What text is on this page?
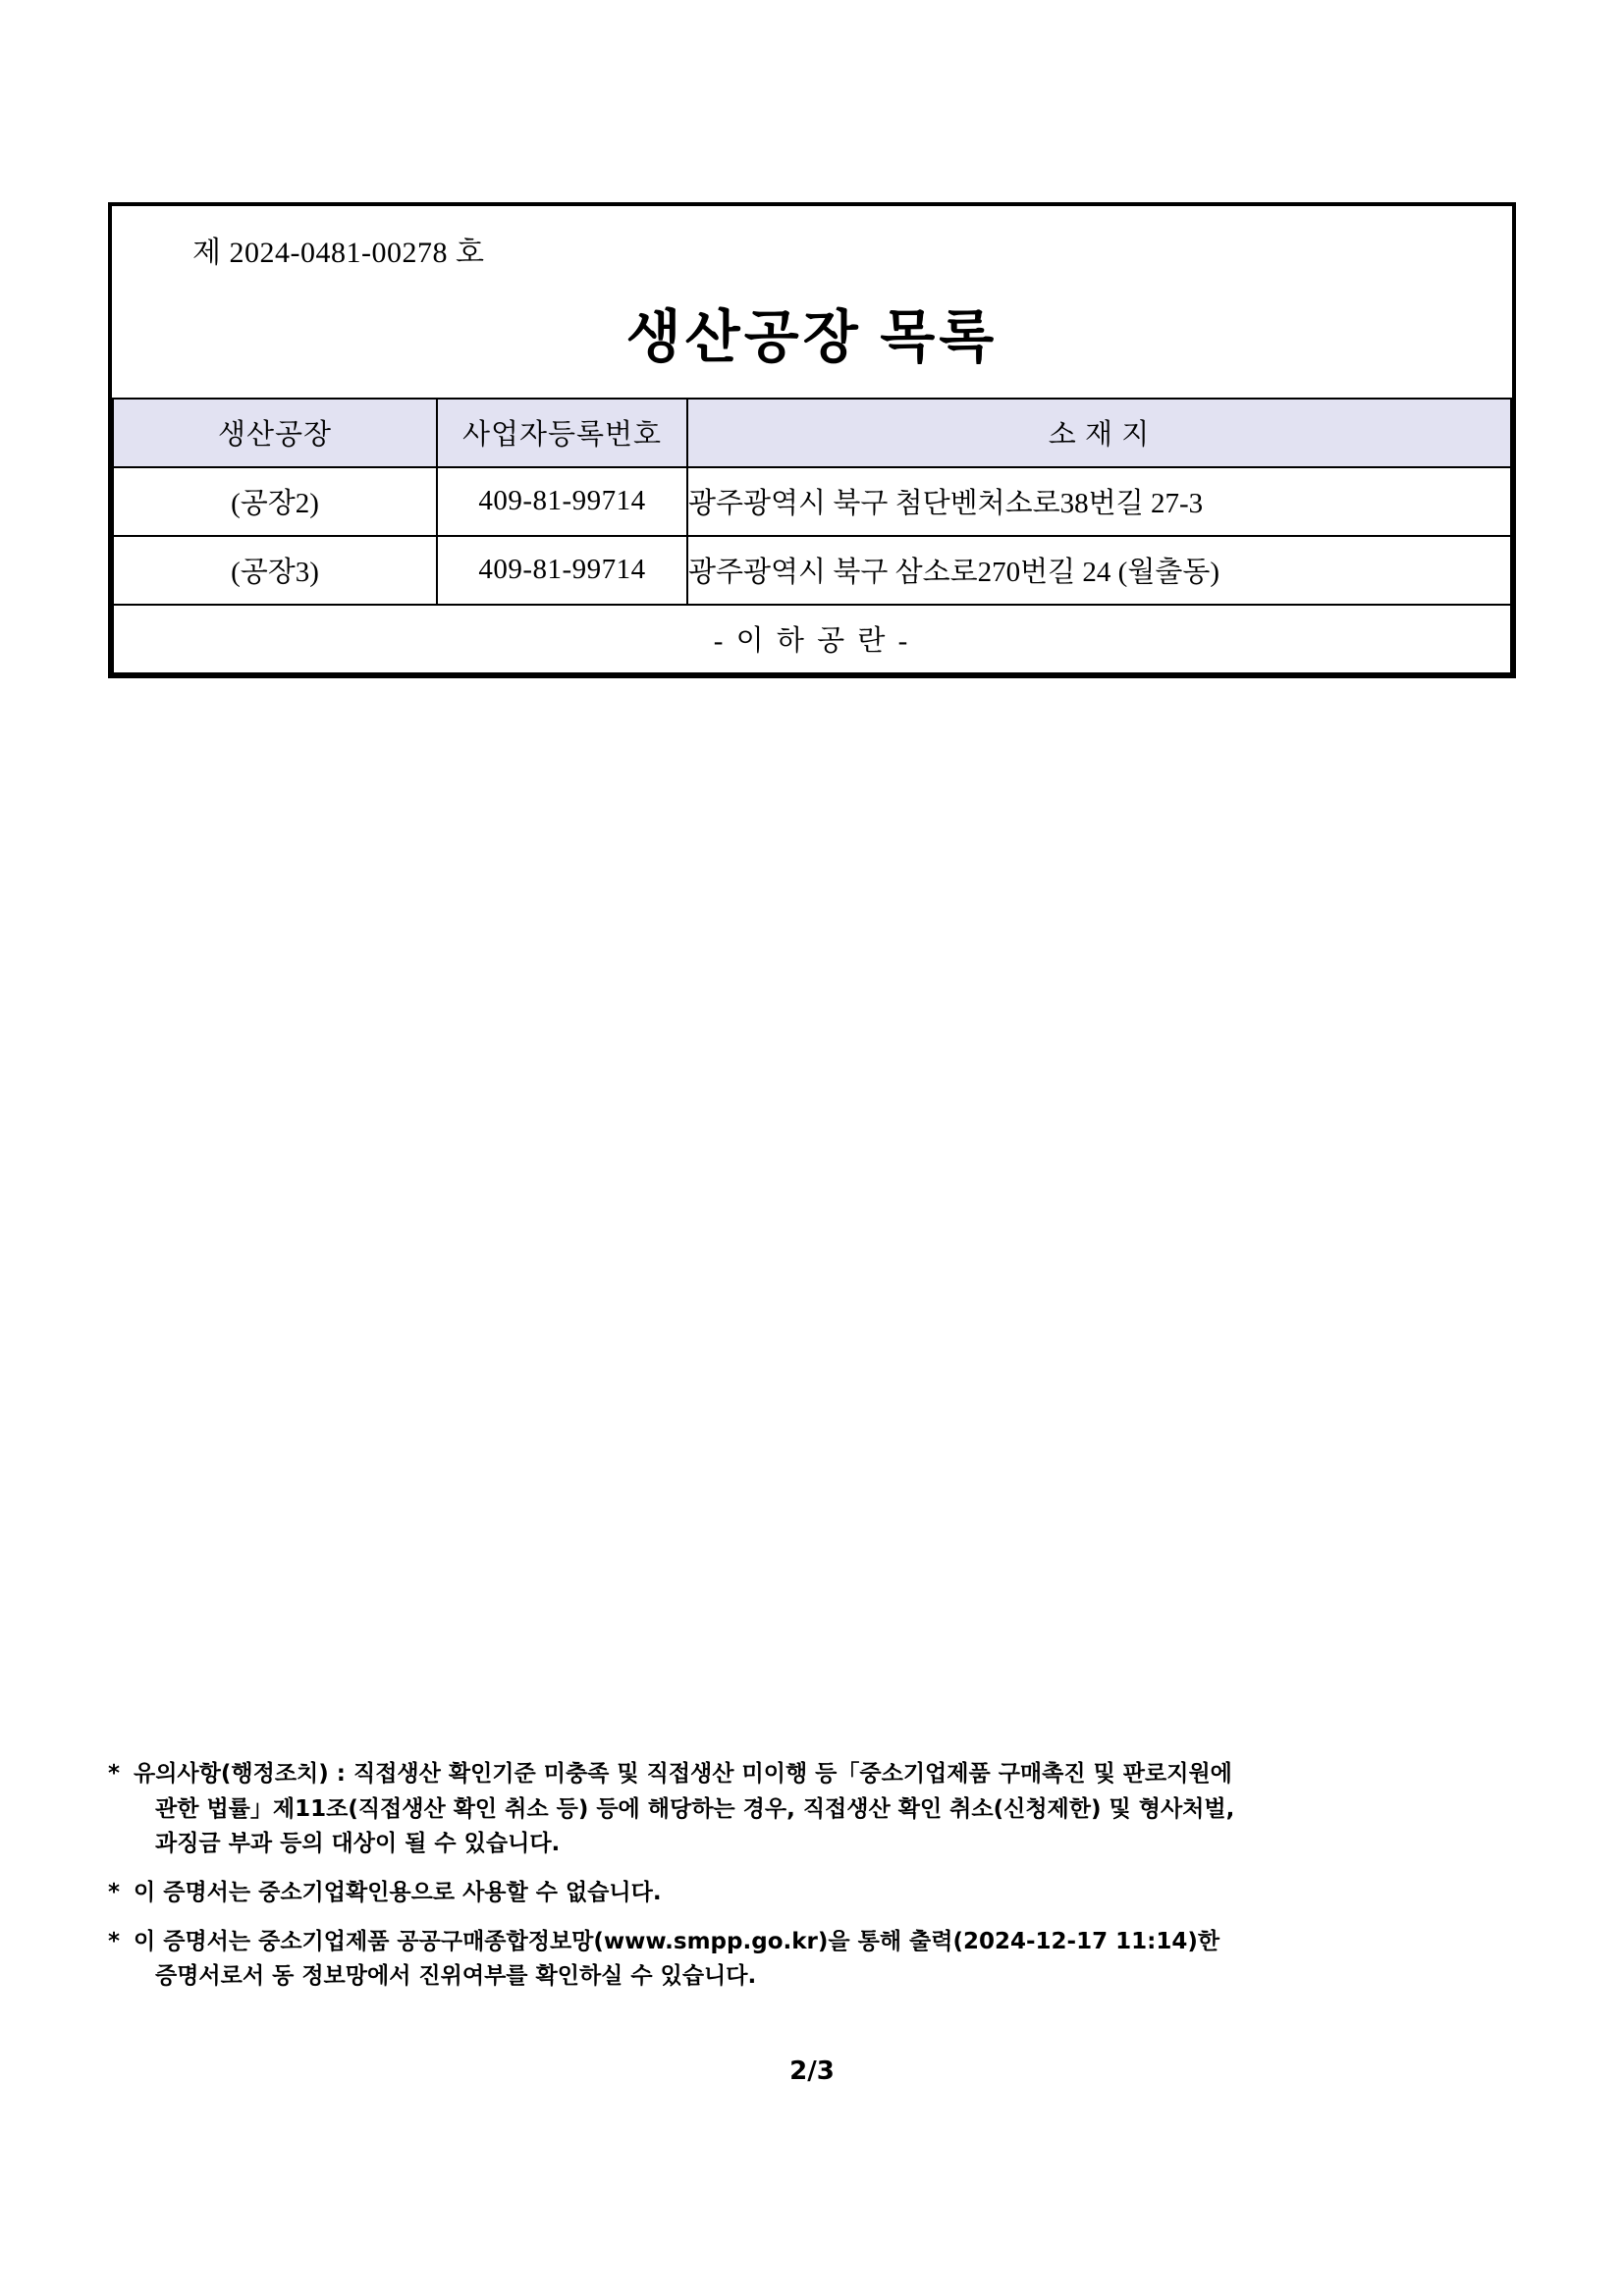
제 2024-0481-00278 호
생산공장 목록
생산공장	사업자등록번호	소 재 지
(공장2)	409-81-99714	광주광역시 북구 첨단벤처소로38번길 27-3
(공장3)	409-81-99714	광주광역시 북구 삼소로270번길 24 (월출동)
- 이 하 공 란 -		
* 유의사항(행정조치) : 직접생산 확인기준 미충족 및 직접생산 미이행 등「중소기업제품 구매촉진 및 판로지원에
관한 법률」제11조(직접생산 확인 취소 등) 등에 해당하는 경우, 직접생산 확인 취소(신청제한) 및 형사처벌,
과징금 부과 등의 대상이 될 수 있습니다.
* 이 증명서는 중소기업확인용으로 사용할 수 없습니다.
* 이 증명서는 중소기업제품 공공구매종합정보망(www.smpp.go.kr)을 통해 출력(2024-12-17 11:14)한
증명서로서 동 정보망에서 진위여부를 확인하실 수 있습니다.
2/3
